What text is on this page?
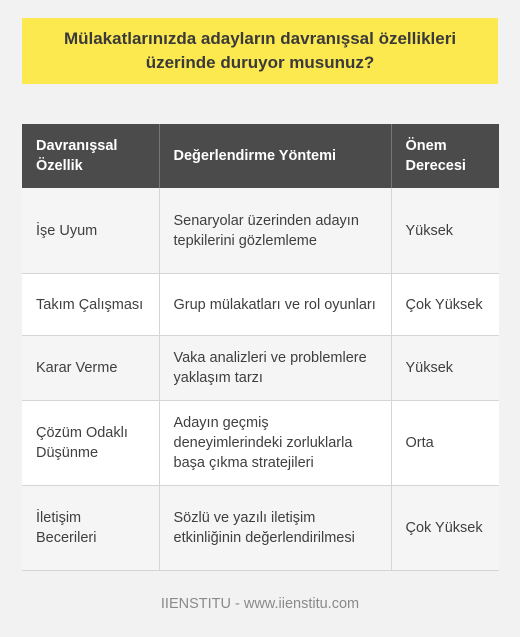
Mülakatlarınızda adayların davranışsal özellikleri üzerinde duruyor musunuz?
Davranışsal Özellik	Değerlendirme Yöntemi	Önem Derecesi
İşe Uyum	Senaryolar üzerinden adayın tepkilerini gözlemleme	Yüksek
Takım Çalışması	Grup mülakatları ve rol oyunları	Çok Yüksek
Karar Verme	Vaka analizleri ve problemlere yaklaşım tarzı	Yüksek
Çözüm Odaklı Düşünme	Adayın geçmiş deneyimlerindeki zorluklarla başa çıkma stratejileri	Orta
İletişim Becerileri	Sözlü ve yazılı iletişim etkinliğinin değerlendirilmesi	Çok Yüksek
IIENSTITU - www.iienstitu.com
